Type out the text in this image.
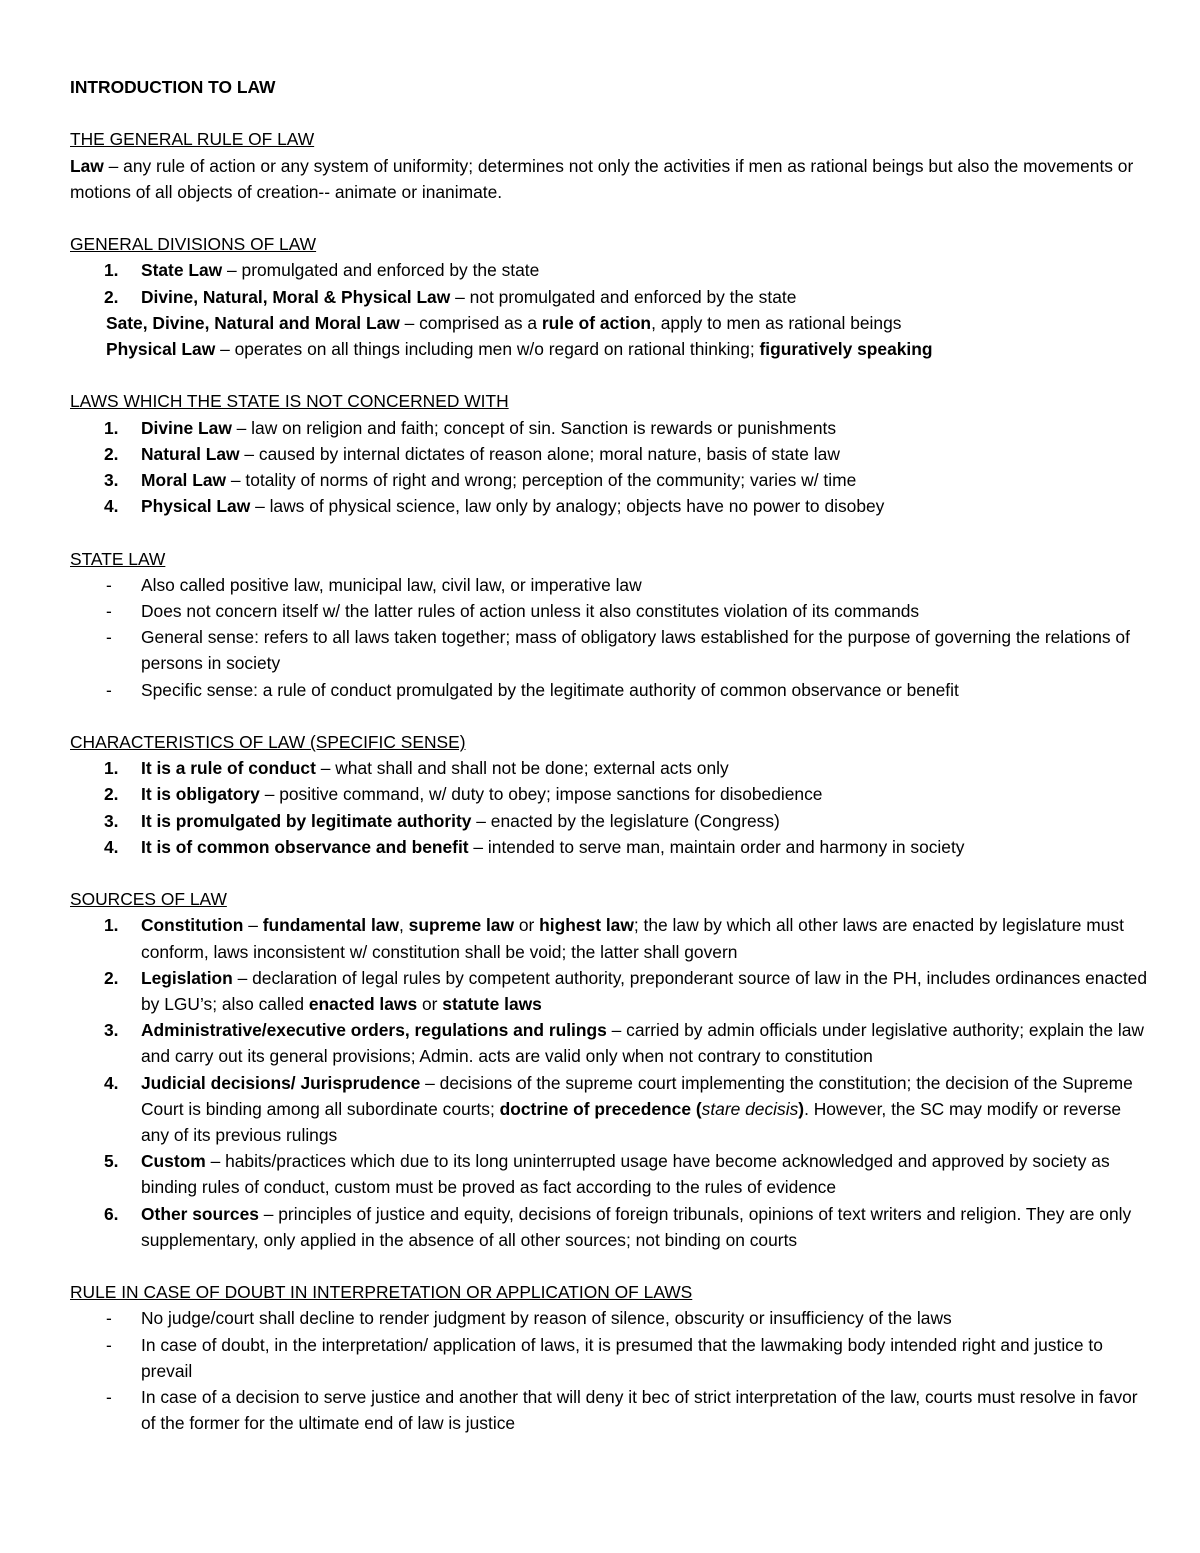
INTRODUCTION TO LAW

THE GENERAL RULE OF LAW

Law – any rule of action or any system of uniformity; determines not only the activities if men as rational beings but also the movements or motions of all objects of creation-- animate or inanimate.

GENERAL DIVISIONS OF LAW

1.	State Law – promulgated and enforced by the state
2.	Divine, Natural, Moral & Physical Law – not promulgated and enforced by the state

Sate, Divine, Natural and Moral Law – comprised as a rule of action, apply to men as rational beings

Physical Law – operates on all things including men w/o regard on rational thinking; figuratively speaking

LAWS WHICH THE STATE IS NOT CONCERNED WITH

1.	Divine Law – law on religion and faith; concept of sin. Sanction is rewards or punishments
2.	Natural Law – caused by internal dictates of reason alone; moral nature, basis of state law
3.	Moral Law – totality of norms of right and wrong; perception of the community; varies w/ time
4.	Physical Law – laws of physical science, law only by analogy; objects have no power to disobey

STATE LAW

- Also called positive law, municipal law, civil law, or imperative law
- Does not concern itself w/ the latter rules of action unless it also constitutes violation of its commands
- General sense: refers to all laws taken together; mass of obligatory laws established for the purpose of governing the relations of persons in society
- Specific sense: a rule of conduct promulgated by the legitimate authority of common observance or benefit

CHARACTERISTICS OF LAW (SPECIFIC SENSE)

1.	It is a rule of conduct – what shall and shall not be done; external acts only
2.	It is obligatory – positive command, w/ duty to obey; impose sanctions for disobedience
3.	It is promulgated by legitimate authority – enacted by the legislature (Congress)
4.	It is of common observance and benefit – intended to serve man, maintain order and harmony in society

SOURCES OF LAW

1.	Constitution – fundamental law, supreme law or highest law; the law by which all other laws are enacted by legislature must conform, laws inconsistent w/ constitution shall be void; the latter shall govern
2.	Legislation – declaration of legal rules by competent authority, preponderant source of law in the PH, includes ordinances enacted by LGU’s; also called enacted laws or statute laws
3.	Administrative/executive orders, regulations and rulings – carried by admin officials under legislative authority; explain the law and carry out its general provisions; Admin. acts are valid only when not contrary to constitution
4.	Judicial decisions/ Jurisprudence – decisions of the supreme court implementing the constitution; the decision of the Supreme Court is binding among all subordinate courts; doctrine of precedence (stare decisis). However, the SC may modify or reverse any of its previous rulings
5.	Custom – habits/practices which due to its long uninterrupted usage have become acknowledged and approved by society as binding rules of conduct, custom must be proved as fact according to the rules of evidence
6.	Other sources – principles of justice and equity, decisions of foreign tribunals, opinions of text writers and religion. They are only supplementary, only applied in the absence of all other sources; not binding on courts

RULE IN CASE OF DOUBT IN INTERPRETATION OR APPLICATION OF LAWS

- No judge/court shall decline to render judgment by reason of silence, obscurity or insufficiency of the laws
- In case of doubt, in the interpretation/ application of laws, it is presumed that the lawmaking body intended right and justice to prevail
- In case of a decision to serve justice and another that will deny it bec of strict interpretation of the law, courts must resolve in favor of the former for the ultimate end of law is justice
